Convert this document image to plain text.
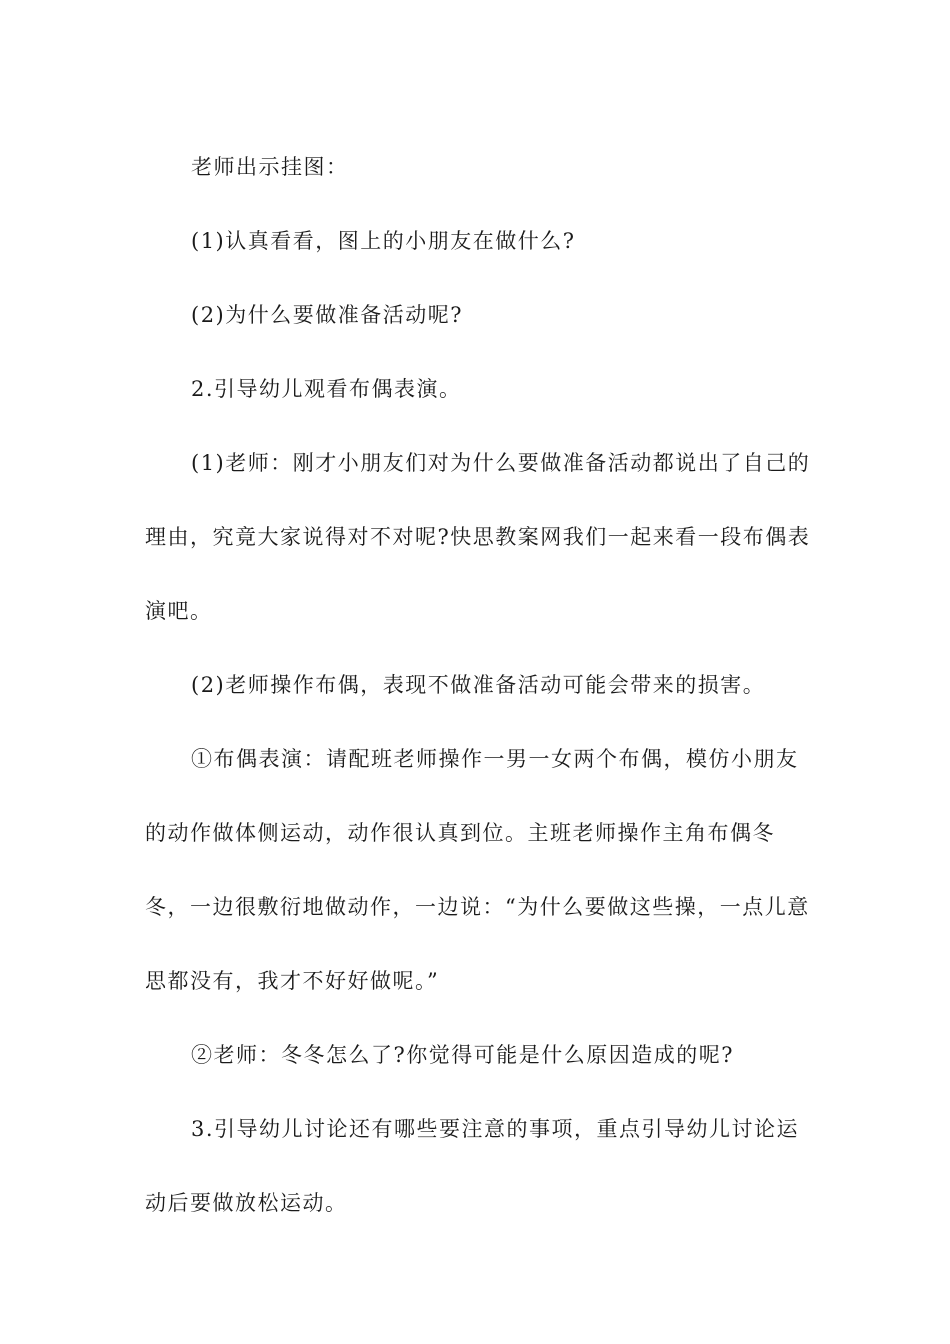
老师出示挂图：

(1)认真看看，图上的小朋友在做什么?

(2)为什么要做准备活动呢?

2.引导幼儿观看布偶表演。

(1)老师：刚才小朋友们对为什么要做准备活动都说出了自己的理由，究竟大家说得对不对呢?快思教案网我们一起来看一段布偶表演吧。

(2)老师操作布偶，表现不做准备活动可能会带来的损害。

①布偶表演：请配班老师操作一男一女两个布偶，模仿小朋友的动作做体侧运动，动作很认真到位。主班老师操作主角布偶冬冬，一边很敷衍地做动作，一边说：“为什么要做这些操，一点儿意思都没有，我才不好好做呢。”

②老师：冬冬怎么了?你觉得可能是什么原因造成的呢?

3.引导幼儿讨论还有哪些要注意的事项，重点引导幼儿讨论运动后要做放松运动。
